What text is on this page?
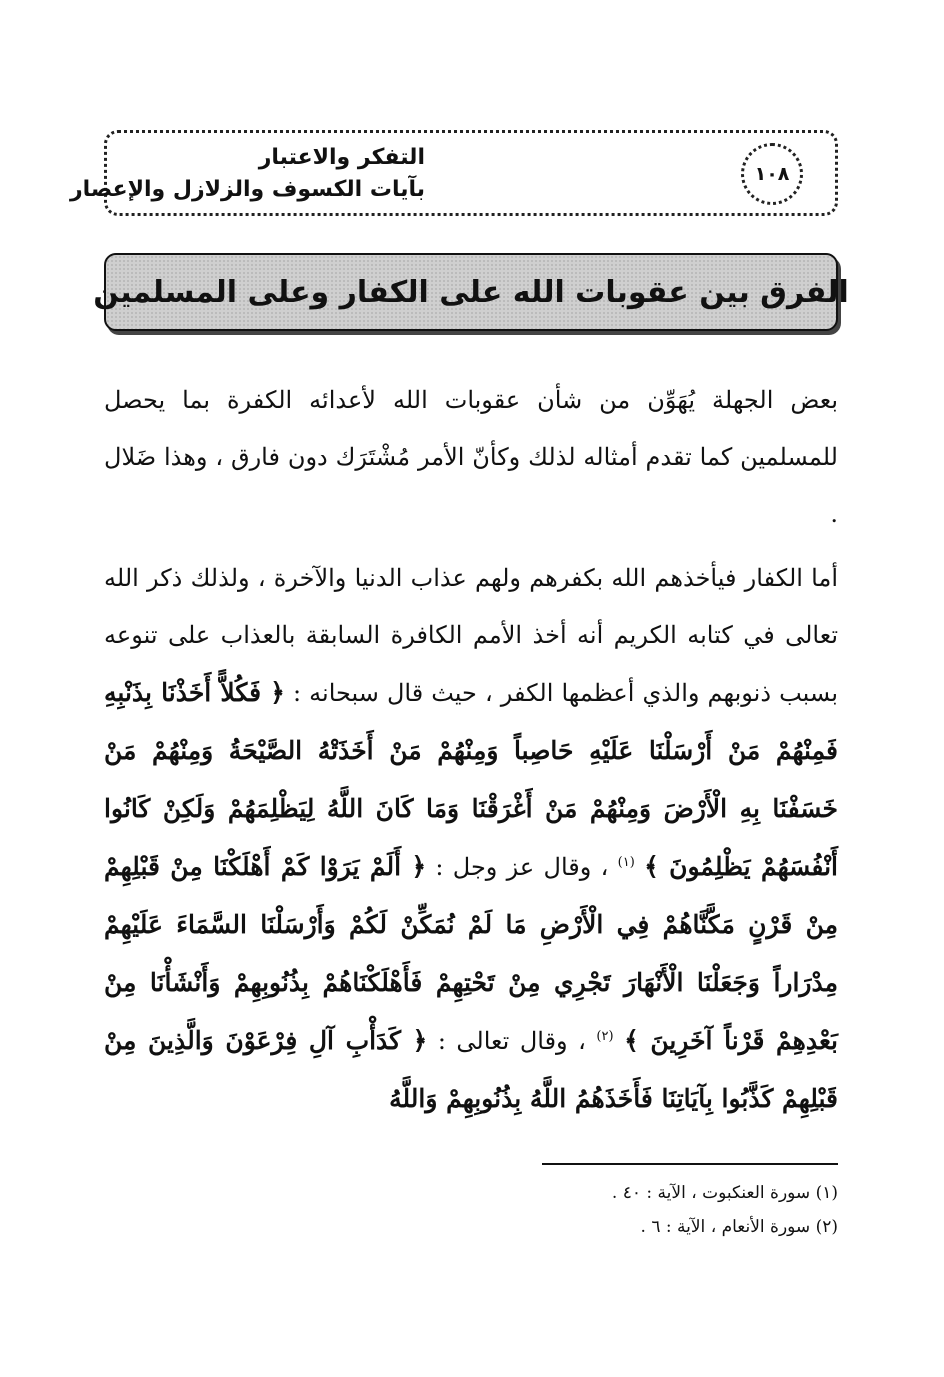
التفكر والاعتبار
بآيات الكسوف والزلازل والإعصار
١٠٨
الفرق بين عقوبات الله على الكفار وعلى المسلمين
بعض الجهلة يُهَوِّن من شأن عقوبات الله لأعدائه الكفرة بما يحصل للمسلمين كما تقدم أمثاله لذلك وكأنّ الأمر مُشْتَرَك دون فارق ، وهذا ضَلال .
أما الكفار فيأخذهم الله بكفرهم ولهم عذاب الدنيا والآخرة ، ولذلك ذكر الله تعالى في كتابه الكريم أنه أخذ الأمم الكافرة السابقة بالعذاب على تنوعه بسبب ذنوبهم والذي أعظمها الكفر ، حيث قال سبحانه : ﴿ فَكُلاًّ أَخَذْنَا بِذَنْبِهِ فَمِنْهُمْ مَنْ أَرْسَلْنَا عَلَيْهِ حَاصِباً وَمِنْهُمْ مَنْ أَخَذَتْهُ الصَّيْحَةُ وَمِنْهُمْ مَنْ خَسَفْنَا بِهِ الْأَرْضَ وَمِنْهُمْ مَنْ أَغْرَقْنَا وَمَا كَانَ اللَّهُ لِيَظْلِمَهُمْ وَلَكِنْ كَانُوا أَنْفُسَهُمْ يَظْلِمُونَ ﴾ $^{(١)}$ ، وقال عز وجل : ﴿ أَلَمْ يَرَوْا كَمْ أَهْلَكْنَا مِنْ قَبْلِهِمْ مِنْ قَرْنٍ مَكَّنَّاهُمْ فِي الْأَرْضِ مَا لَمْ نُمَكِّنْ لَكُمْ وَأَرْسَلْنَا السَّمَاءَ عَلَيْهِمْ مِدْرَاراً وَجَعَلْنَا الْأَنْهَارَ تَجْرِي مِنْ تَحْتِهِمْ فَأَهْلَكْنَاهُمْ بِذُنُوبِهِمْ وَأَنْشَأْنَا مِنْ بَعْدِهِمْ قَرْناً آخَرِينَ ﴾ $^{(٢)}$ ، وقال تعالى : ﴿ كَدَأْبِ آلِ فِرْعَوْنَ وَالَّذِينَ مِنْ قَبْلِهِمْ كَذَّبُوا بِآيَاتِنَا فَأَخَذَهُمُ اللَّهُ بِذُنُوبِهِمْ وَاللَّهُ
(١) سورة العنكبوت ، الآية : ٤٠ .
(٢) سورة الأنعام ، الآية : ٦ .
